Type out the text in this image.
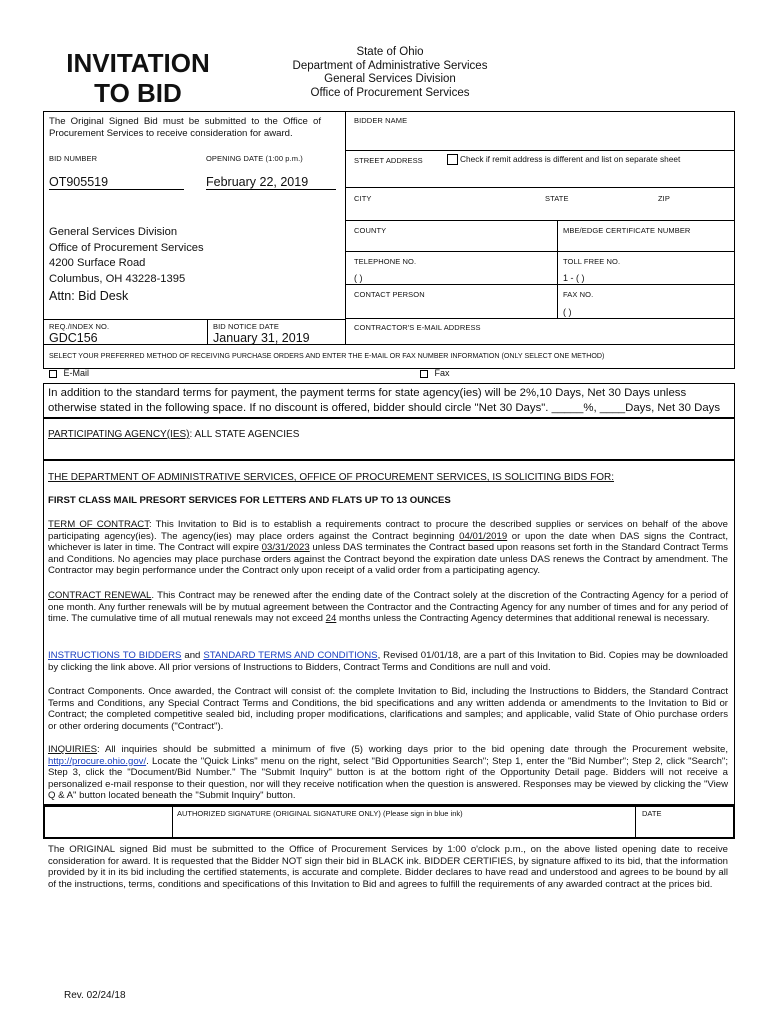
INVITATION
TO BID
State of Ohio
Department of Administrative Services
General Services Division
Office of Procurement Services
The Original Signed Bid must be submitted to the Office of Procurement Services to receive consideration for award.
BID NUMBER	OPENING DATE (1:00 p.m.)
OT905519	February 22, 2019
General Services Division
Office of Procurement Services
4200 Surface Road
Columbus, OH 43228-1395
Attn: Bid Desk
REQ./INDEX NO.
GDC156
BID NOTICE DATE
January 31, 2019
BIDDER NAME
STREET ADDRESS	Check if remit address is different and list on separate sheet
CITY	STATE	ZIP
COUNTY	MBE/EDGE CERTIFICATE NUMBER
TELEPHONE NO.
( )
TOLL FREE NO.
1 - ( )
CONTACT PERSON	FAX NO.
( )
CONTRACTOR'S E-MAIL ADDRESS
SELECT YOUR PREFERRED METHOD OF RECEIVING PURCHASE ORDERS AND ENTER THE E-MAIL OR FAX NUMBER INFORMATION (ONLY SELECT ONE METHOD)
E-Mail	Fax
In addition to the standard terms for payment, the payment terms for state agency(ies) will be 2%,10 Days, Net 30 Days unless otherwise stated in the following space. If no discount is offered, bidder should circle "Net 30 Days". _____%, ____Days, Net 30 Days
PARTICIPATING AGENCY(IES): ALL STATE AGENCIES
THE DEPARTMENT OF ADMINISTRATIVE SERVICES, OFFICE OF PROCUREMENT SERVICES, IS SOLICITING BIDS FOR:
FIRST CLASS MAIL PRESORT SERVICES FOR LETTERS AND FLATS UP TO 13 OUNCES

TERM OF CONTRACT: This Invitation to Bid is to establish a requirements contract to procure the described supplies or services on behalf of the above participating agency(ies). The agency(ies) may place orders against the Contract beginning 04/01/2019 or upon the date when DAS signs the Contract, whichever is later in time. The Contract will expire 03/31/2023 unless DAS terminates the Contract based upon reasons set forth in the Standard Contract Terms and Conditions. No agencies may place purchase orders against the Contract beyond the expiration date unless DAS renews the Contract by amendment. The Contractor may begin performance under the Contract only upon receipt of a valid order from a participating agency.

CONTRACT RENEWAL. This Contract may be renewed after the ending date of the Contract solely at the discretion of the Contracting Agency for a period of one month. Any further renewals will be by mutual agreement between the Contractor and the Contracting Agency for any number of times and for any period of time. The cumulative time of all mutual renewals may not exceed 24 months unless the Contracting Agency determines that additional renewal is necessary.

INSTRUCTIONS TO BIDDERS and STANDARD TERMS AND CONDITIONS, Revised 01/01/18, are a part of this Invitation to Bid. Copies may be downloaded by clicking the link above. All prior versions of Instructions to Bidders, Contract Terms and Conditions are null and void.

Contract Components. Once awarded, the Contract will consist of: the complete Invitation to Bid, including the Instructions to Bidders, the Standard Contract Terms and Conditions, any Special Contract Terms and Conditions, the bid specifications and any written addenda or amendments to the Invitation to Bid or Contract; the completed competitive sealed bid, including proper modifications, clarifications and samples; and applicable, valid State of Ohio purchase orders or other ordering documents ("Contract").

INQUIRIES: All inquiries should be submitted a minimum of five (5) working days prior to the bid opening date through the Procurement website, http://procure.ohio.gov/. Locate the "Quick Links" menu on the right, select "Bid Opportunities Search"; Step 1, enter the "Bid Number"; Step 2, click "Search"; Step 3, click the "Document/Bid Number." The "Submit Inquiry" button is at the bottom right of the Opportunity Detail page. Bidders will not receive a personalized e-mail response to their question, nor will they receive notification when the question is answered. Responses may be viewed by clicking the "View Q & A" button located beneath the "Submit Inquiry" button.

AUTHORIZED SIGNATURE (ORIGINAL SIGNATURE ONLY) (Please sign in blue ink)	DATE

The ORIGINAL signed Bid must be submitted to the Office of Procurement Services by 1:00 o'clock p.m., on the above listed opening date to receive consideration for award. It is requested that the Bidder NOT sign their bid in BLACK ink. BIDDER CERTIFIES, by signature affixed to its bid, that the information provided by it in its bid including the certified statements, is accurate and complete. Bidder declares to have read and understood and agrees to be bound by all of the instructions, terms, conditions and specifications of this Invitation to Bid and agrees to fulfill the requirements of any awarded contract at the prices bid.

Rev. 02/24/18
